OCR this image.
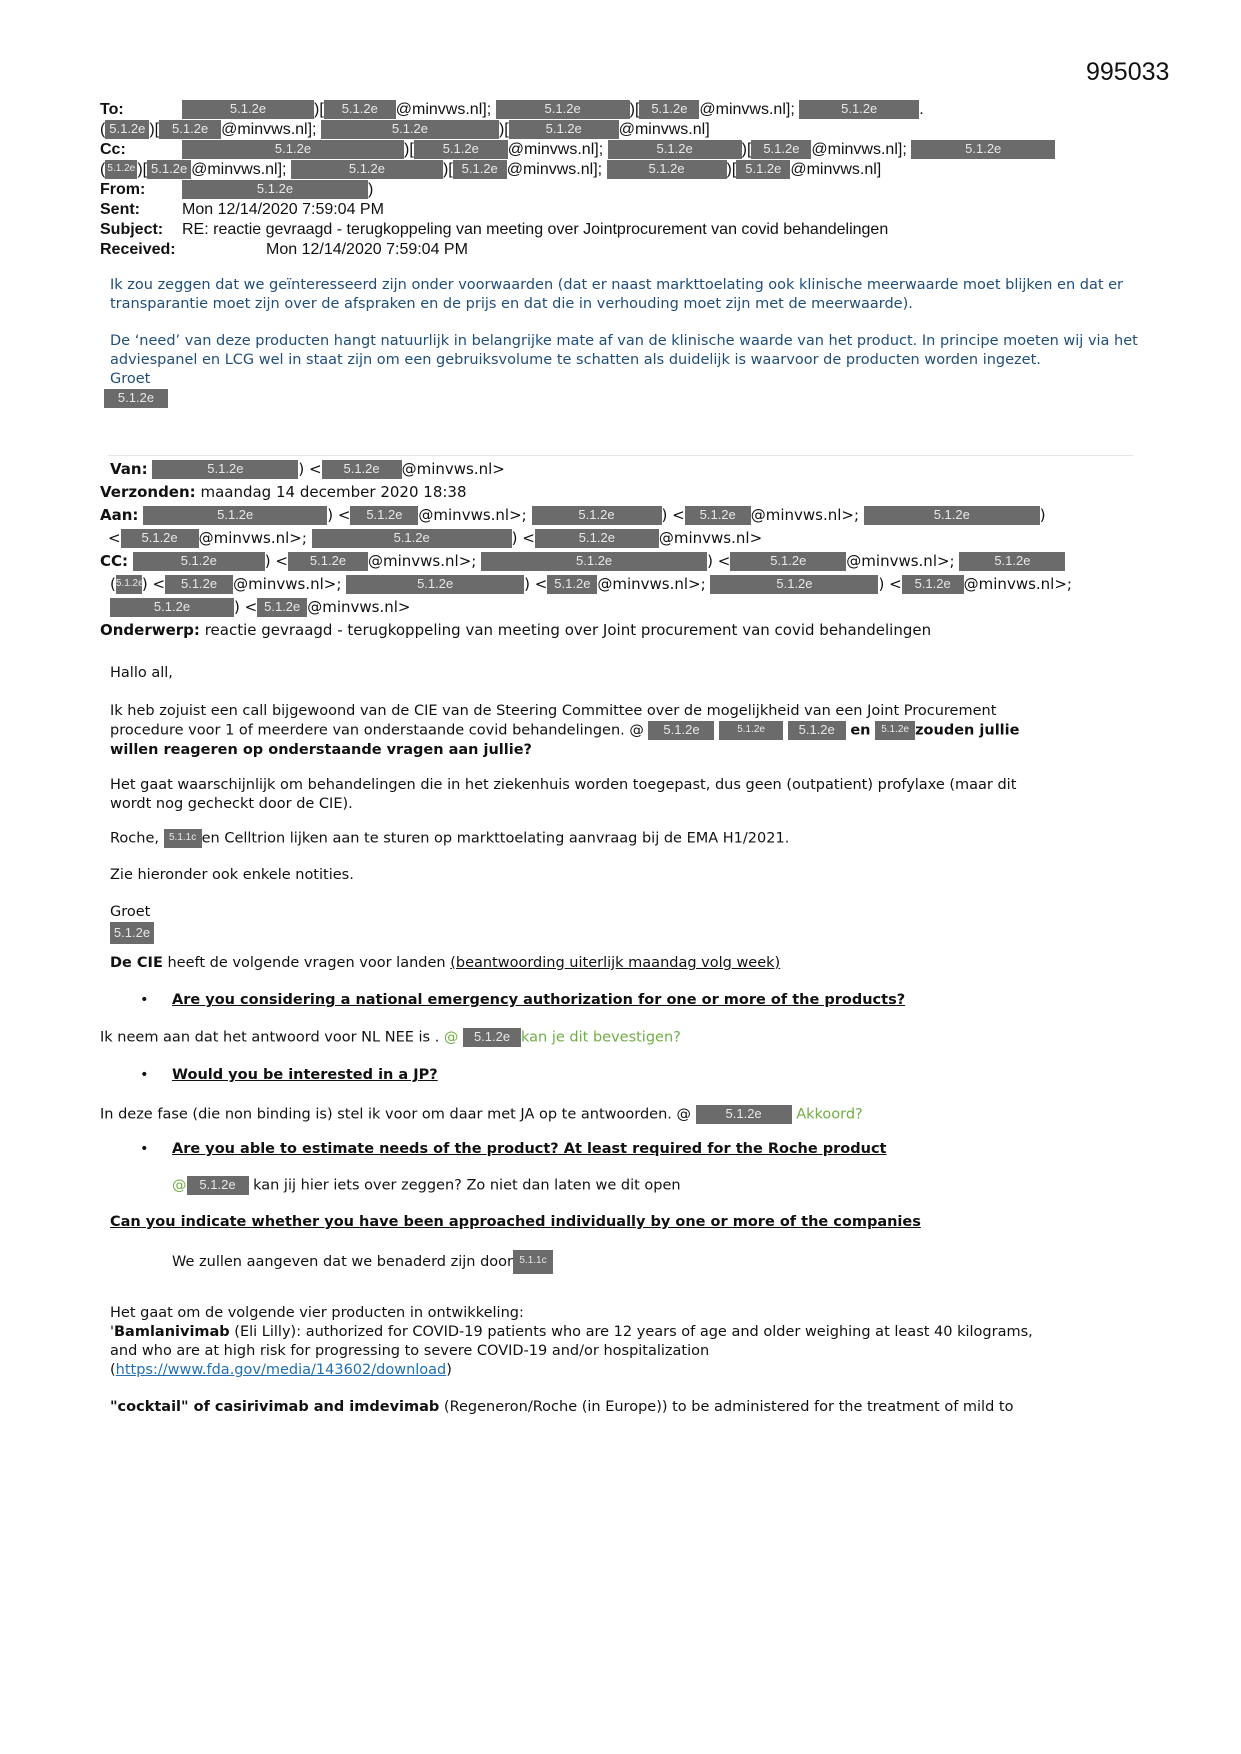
995033
To:	5.1.2e	)[ 5.1.2e @minvws.nl];	5.1.2e	)[ 5.1.2e @minvws.nl];	5.1.2e	.
( 5.1.2e )[ 5.1.2e @minvws.nl];	5.1.2e	)[	5.1.2e @minvws.nl]
Cc:	5.1.2e	)[ 5.1.2e @minvws.nl];	5.1.2e	)[ 5.1.2e @minvws.nl];	5.1.2e
( 5.1.2e )[ 5.1.2e @minvws.nl];	5.1.2e	)[ 5.1.2e @minvws.nl];	5.1.2e	)[ 5.1.2e @minvws.nl]
From:	5.1.2e	)
Sent:	Mon 12/14/2020 7:59:04 PM
Subject: RE: reactie gevraagd - terugkoppeling van meeting over Jointprocurement van covid behandelingen
Received:	Mon 12/14/2020 7:59:04 PM

Ik zou zeggen dat we geïnteresseerd zijn onder voorwaarden (dat er naast markttoelating ook klinische meerwaarde moet blijken en dat er transparantie moet zijn over de afspraken en de prijs en dat die in verhouding moet zijn met de meerwaarde).

De ‘need’ van deze producten hangt natuurlijk in belangrijke mate af van de klinische waarde van het product. In principe moeten wij via het adviespanel en LCG wel in staat zijn om een gebruiksvolume te schatten als duidelijk is waarvoor de producten worden ingezet.

Groet
5.1.2e
Van:	5.1.2e	) < 5.1.2e @minvws.nl>
Verzonden: maandag 14 december 2020 18:38
Aan:	5.1.2e	) < 5.1.2e @minvws.nl>;	5.1.2e	) < 5.1.2e @minvws.nl>;	5.1.2e	)
< 5.1.2e @minvws.nl>;	5.1.2e	) <	5.1.2e	@minvws.nl>
CC:	5.1.2e	) < 5.1.2e @minvws.nl>;	5.1.2e	) <	5.1.2e	@minvws.nl>;	5.1.2e
(5.1.2e) < 5.1.2e @minvws.nl>;	5.1.2e	) < 5.1.2e @minvws.nl>;	5.1.2e	) < 5.1.2e @minvws.nl>;
5.1.2e	) < 5.1.2e @minvws.nl>
Onderwerp: reactie gevraagd - terugkoppeling van meeting over Joint procurement van covid behandelingen
Hallo all,
Ik heb zojuist een call bijgewoond van de CIE van de Steering Committee over de mogelijkheid van een Joint Procurement
procedure voor 1 of meerdere van onderstaande covid behandelingen. @ 5.1.2e	5.1.2e	5.1.2e en 5.1.2e zouden jullie
willen reageren op onderstaande vragen aan jullie?
Het gaat waarschijnlijk om behandelingen die in het ziekenhuis worden toegepast, dus geen (outpatient) profylaxe (maar dit
wordt nog gecheckt door de CIE).
Roche, 5.1.1c en Celltrion lijken aan te sturen op markttoelating aanvraag bij de EMA H1/2021.
Zie hieronder ook enkele notities.
Groet
5.1.2e
De CIE heeft de volgende vragen voor landen (beantwoording uiterlijk maandag volg week)
• Are you considering a national emergency authorization for one or more of the products?
Ik neem aan dat het antwoord voor NL NEE is . @ 5.1.2e kan je dit bevestigen?
• Would you be interested in a JP?
In deze fase (die non binding is) stel ik voor om daar met JA op te antwoorden. @	5.1.2e Akkoord?
• Are you able to estimate needs of the product? At least required for the Roche product
@ 5.1.2e kan jij hier iets over zeggen? Zo niet dan laten we dit open
Can you indicate whether you have been approached individually by one or more of the companies
We zullen aangeven dat we benaderd zijn door 5.1.1c
Het gaat om de volgende vier producten in ontwikkeling:
'Bamlanivimab (Eli Lilly): authorized for COVID-19 patients who are 12 years of age and older weighing at least 40 kilograms,
and who are at high risk for progressing to severe COVID-19 and/or hospitalization
(https://www.fda.gov/media/143602/download)
"cocktail" of casirivimab and imdevimab (Regeneron/Roche (in Europe)) to be administered for the treatment of mild to
